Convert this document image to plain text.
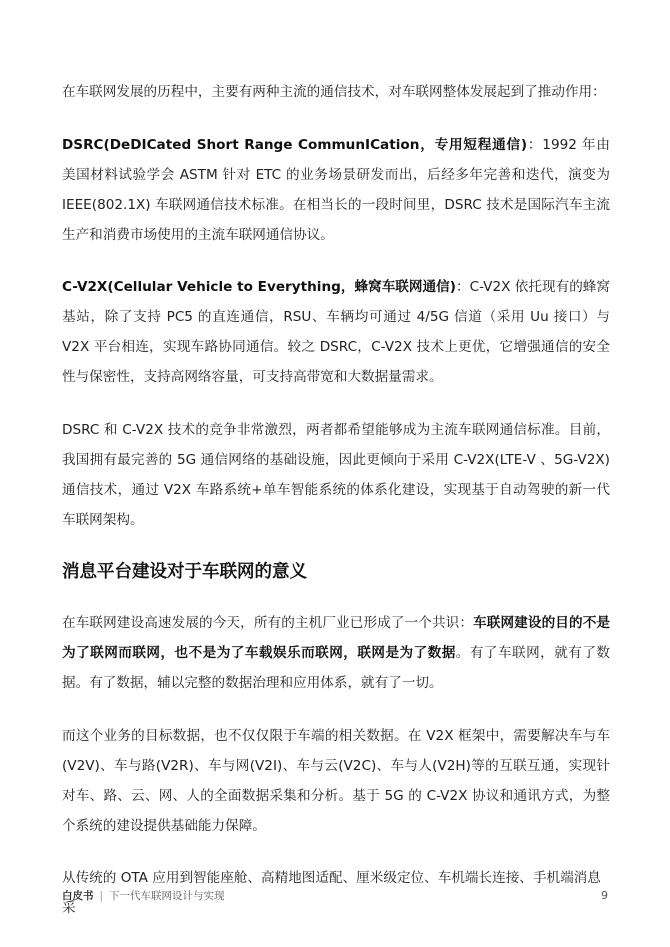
在车联网发展的历程中，主要有两种主流的通信技术，对车联网整体发展起到了推动作用：

DSRC(DeDICated Short Range CommunICation，专用短程通信)：1992 年由美国材料试验学会 ASTM 针对 ETC 的业务场景研发而出，后经多年完善和迭代，演变为 IEEE(802.1X) 车联网通信技术标准。在相当长的一段时间里，DSRC 技术是国际汽车主流生产和消费市场使用的主流车联网通信协议。

C-V2X(Cellular Vehicle to Everything，蜂窝车联网通信)：C-V2X 依托现有的蜂窝基站，除了支持 PC5 的直连通信，RSU、车辆均可通过 4/5G 信道（采用 Uu 接口）与 V2X 平台相连，实现车路协同通信。较之 DSRC，C-V2X 技术上更优，它增强通信的安全性与保密性，支持高网络容量，可支持高带宽和大数据量需求。

DSRC 和 C-V2X 技术的竞争非常激烈，两者都希望能够成为主流车联网通信标准。目前，我国拥有最完善的 5G 通信网络的基础设施，因此更倾向于采用 C-V2X(LTE-V 、5G-V2X)通信技术，通过 V2X 车路系统+单车智能系统的体系化建设，实现基于自动驾驶的新一代车联网架构。

消息平台建设对于车联网的意义

在车联网建设高速发展的今天，所有的主机厂业已形成了一个共识：车联网建设的目的不是为了联网而联网，也不是为了车载娱乐而联网，联网是为了数据。有了车联网，就有了数据。有了数据，辅以完整的数据治理和应用体系，就有了一切。

而这个业务的目标数据，也不仅仅限于车端的相关数据。在 V2X 框架中，需要解决车与车(V2V)、车与路(V2R)、车与网(V2I)、车与云(V2C)、车与人(V2H)等的互联互通，实现针对车、路、云、网、人的全面数据采集和分析。基于 5G 的 C-V2X 协议和通讯方式，为整个系统的建设提供基础能力保障。

从传统的 OTA 应用到智能座舱、高精地图适配、厘米级定位、车机端长连接、手机端消息采

白皮书 | 下一代车联网设计与实现	9
